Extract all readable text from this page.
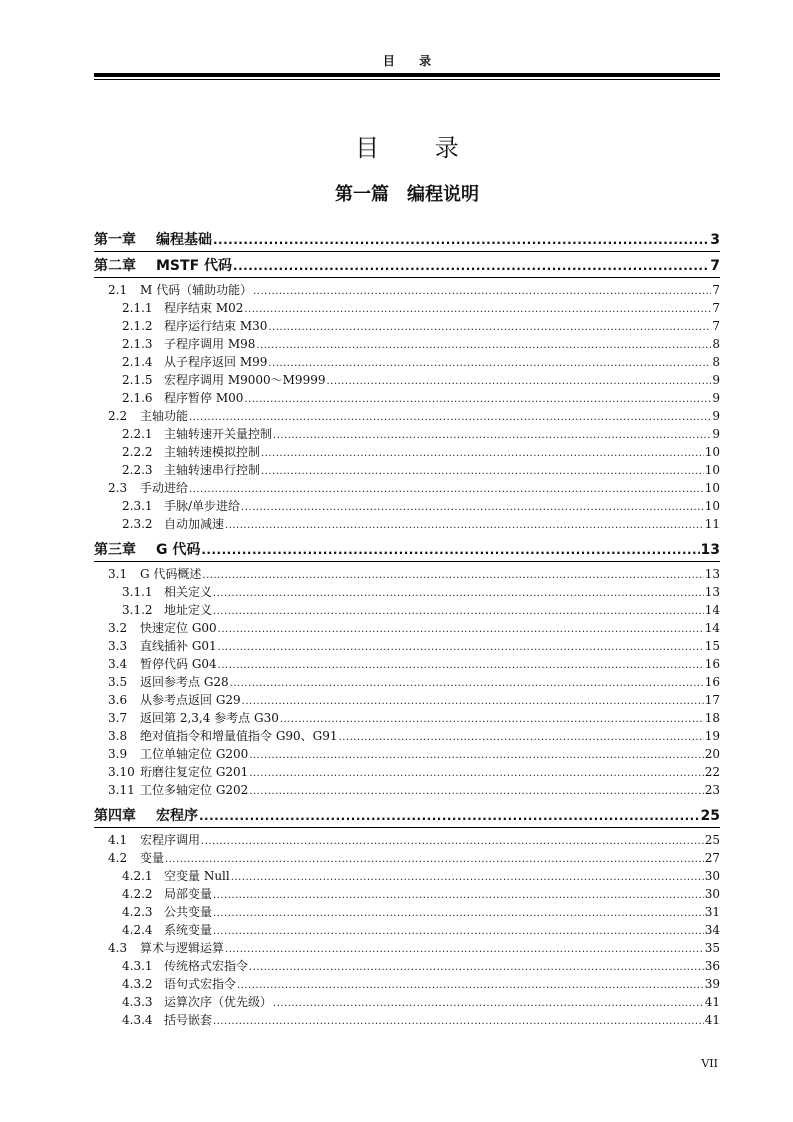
目 录
目 录
第一篇　编程说明
第一章	编程基础 .....	3
第二章	MSTF 代码 .....	7
2.1	M 代码（辅助功能） .....	7
2.1.1 程序结束 M02 .....	7
2.1.2 程序运行结束 M30 .....	7
2.1.3 子程序调用 M98 .....	8
2.1.4 从子程序返回 M99 .....	8
2.1.5 宏程序调用 M9000～M9999 .....	9
2.1.6 程序暂停 M00 .....	9
2.2	主轴功能 .....	9
2.2.1 主轴转速开关量控制 .....	9
2.2.2 主轴转速模拟控制 .....	10
2.2.3 主轴转速串行控制 .....	10
2.3	手动进给 .....	10
2.3.1 手脉/单步进给 .....	10
2.3.2 自动加减速 .....	11
第三章	G 代码 .....	13
3.1	G 代码概述 .....	13
3.1.1 相关定义 .....	13
3.1.2 地址定义 .....	14
3.2	快速定位 G00 .....	14
3.3	直线插补 G01 .....	15
3.4	暂停代码 G04 .....	16
3.5	返回参考点 G28 .....	16
3.6	从参考点返回 G29 .....	17
3.7	返回第 2,3,4 参考点 G30 .....	18
3.8	绝对值指令和增量值指令 G90、G91 .....	19
3.9	工位单轴定位 G200 .....	20
3.10 珩磨往复定位 G201 .....	22
3.11 工位多轴定位 G202 .....	23
第四章	宏程序 .....	25
4.1	宏程序调用 .....	25
4.2	变量 .....	27
4.2.1 空变量 Null .....	30
4.2.2 局部变量 .....	30
4.2.3 公共变量 .....	31
4.2.4 系统变量 .....	34
4.3	算术与逻辑运算 .....	35
4.3.1 传统格式宏指令 .....	36
4.3.2 语句式宏指令 .....	39
4.3.3 运算次序（优先级） .....	41
4.3.4 括号嵌套 .....	41
VII
